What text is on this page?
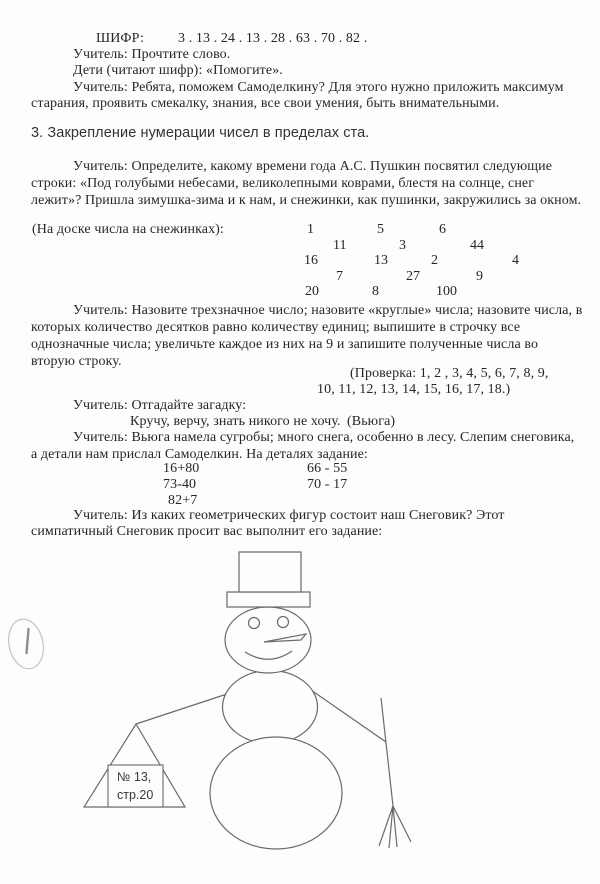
ШИФР: 3 . 13 . 24 . 13 . 28 . 63 . 70 . 82 .
Учитель: Прочтите слово.
Дети (читают шифр): «Помогите».
Учитель: Ребята, поможем Самоделкину? Для этого нужно приложить максимум
старания, проявить смекалку, знания, все свои умения, быть внимательными.
3. Закрепление нумерации чисел в пределах ста.
Учитель: Определите, какому времени года А.С. Пушкин посвятил следующие
строки: «Под голубыми небесами, великолепными коврами, блестя на солнце, снег
лежит»? Пришла зимушка-зима и к нам, и снежинки, как пушинки, закружились за окном.
(На доске числа на снежинках):	1	5	6
11	3	44
16	13	2	4
7	27	9
20	8	100
Учитель: Назовите трехзначное число; назовите «круглые» числа; назовите числа, в
которых количество десятков равно количеству единиц; выпишите в строчку все
однозначные числа; увеличьте каждое из них на 9 и запишите полученные числа во
вторую строку.
(Проверка: 1, 2 , 3, 4, 5, 6, 7, 8, 9,
10, 11, 12, 13, 14, 15, 16, 17, 18.)
Учитель: Отгадайте загадку:
Кручу, верчу, знать никого не хочу. (Вьюга)
Учитель: Вьюга намела сугробы; много снега, особенно в лесу. Слепим снеговика,
а детали нам прислал Самоделкин. На деталях задание:
16+80	66 - 55
73-40	70 - 17
82+7
Учитель: Из каких геометрических фигур состоит наш Снеговик? Этот
симпатичный Снеговик просит вас выполнит его задание:
№ 13,
стр.20
